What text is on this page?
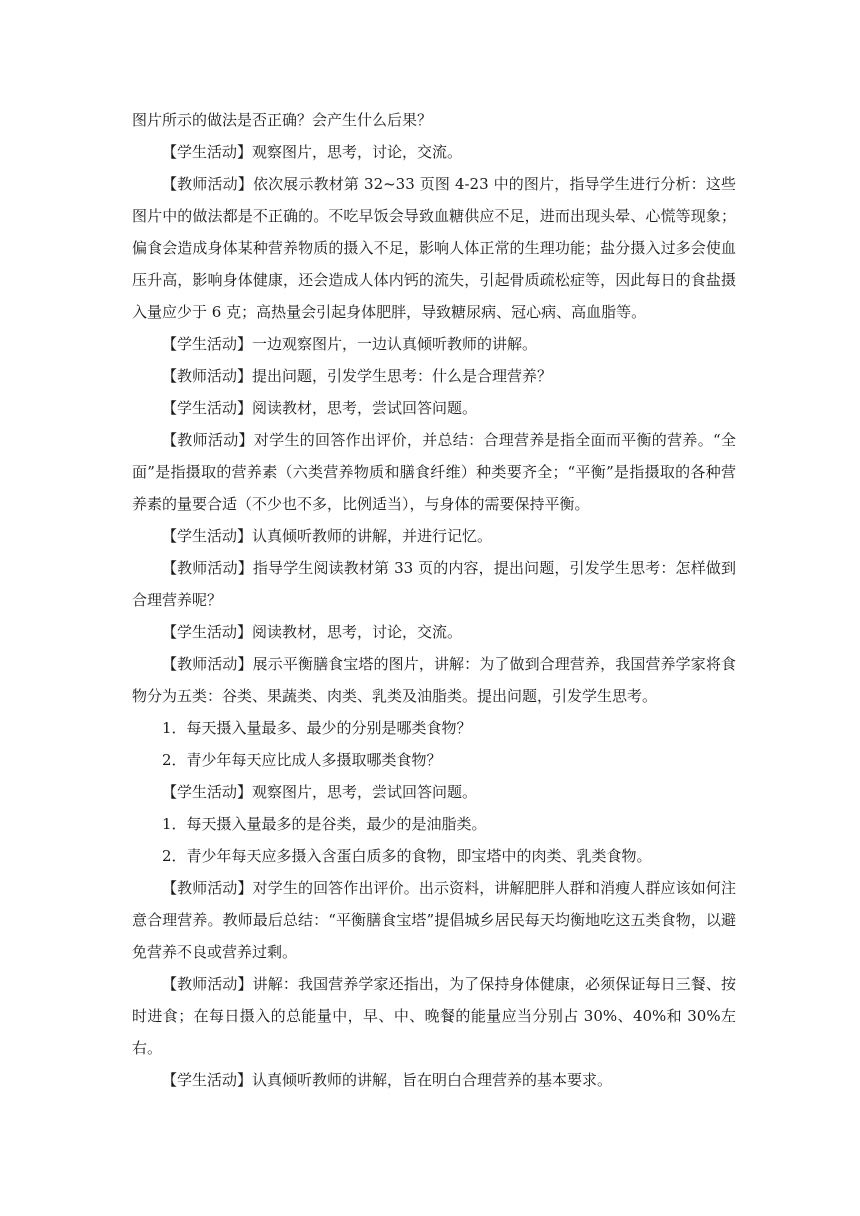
图片所示的做法是否正确？会产生什么后果？

【学生活动】观察图片，思考，讨论，交流。

【教师活动】依次展示教材第 32~33 页图 4-23 中的图片，指导学生进行分析：这些图片中的做法都是不正确的。不吃早饭会导致血糖供应不足，进而出现头晕、心慌等现象；偏食会造成身体某种营养物质的摄入不足，影响人体正常的生理功能；盐分摄入过多会使血压升高，影响身体健康，还会造成人体内钙的流失，引起骨质疏松症等，因此每日的食盐摄入量应少于 6 克；高热量会引起身体肥胖，导致糖尿病、冠心病、高血脂等。

【学生活动】一边观察图片，一边认真倾听教师的讲解。

【教师活动】提出问题，引发学生思考：什么是合理营养？

【学生活动】阅读教材，思考，尝试回答问题。

【教师活动】对学生的回答作出评价，并总结：合理营养是指全面而平衡的营养。“全面”是指摄取的营养素（六类营养物质和膳食纤维）种类要齐全；“平衡”是指摄取的各种营养素的量要合适（不少也不多，比例适当），与身体的需要保持平衡。

【学生活动】认真倾听教师的讲解，并进行记忆。

【教师活动】指导学生阅读教材第 33 页的内容，提出问题，引发学生思考：怎样做到合理营养呢？

【学生活动】阅读教材，思考，讨论，交流。

【教师活动】展示平衡膳食宝塔的图片，讲解：为了做到合理营养，我国营养学家将食物分为五类：谷类、果蔬类、肉类、乳类及油脂类。提出问题，引发学生思考。

1．每天摄入量最多、最少的分别是哪类食物？

2．青少年每天应比成人多摄取哪类食物？

【学生活动】观察图片，思考，尝试回答问题。

1．每天摄入量最多的是谷类，最少的是油脂类。

2．青少年每天应多摄入含蛋白质多的食物，即宝塔中的肉类、乳类食物。

【教师活动】对学生的回答作出评价。出示资料，讲解肥胖人群和消瘦人群应该如何注意合理营养。教师最后总结：“平衡膳食宝塔”提倡城乡居民每天均衡地吃这五类食物，以避免营养不良或营养过剩。

【教师活动】讲解：我国营养学家还指出，为了保持身体健康，必须保证每日三餐、按时进食；在每日摄入的总能量中，早、中、晚餐的能量应当分别占 30%、40%和 30%左右。

【学生活动】认真倾听教师的讲解，旨在明白合理营养的基本要求。
